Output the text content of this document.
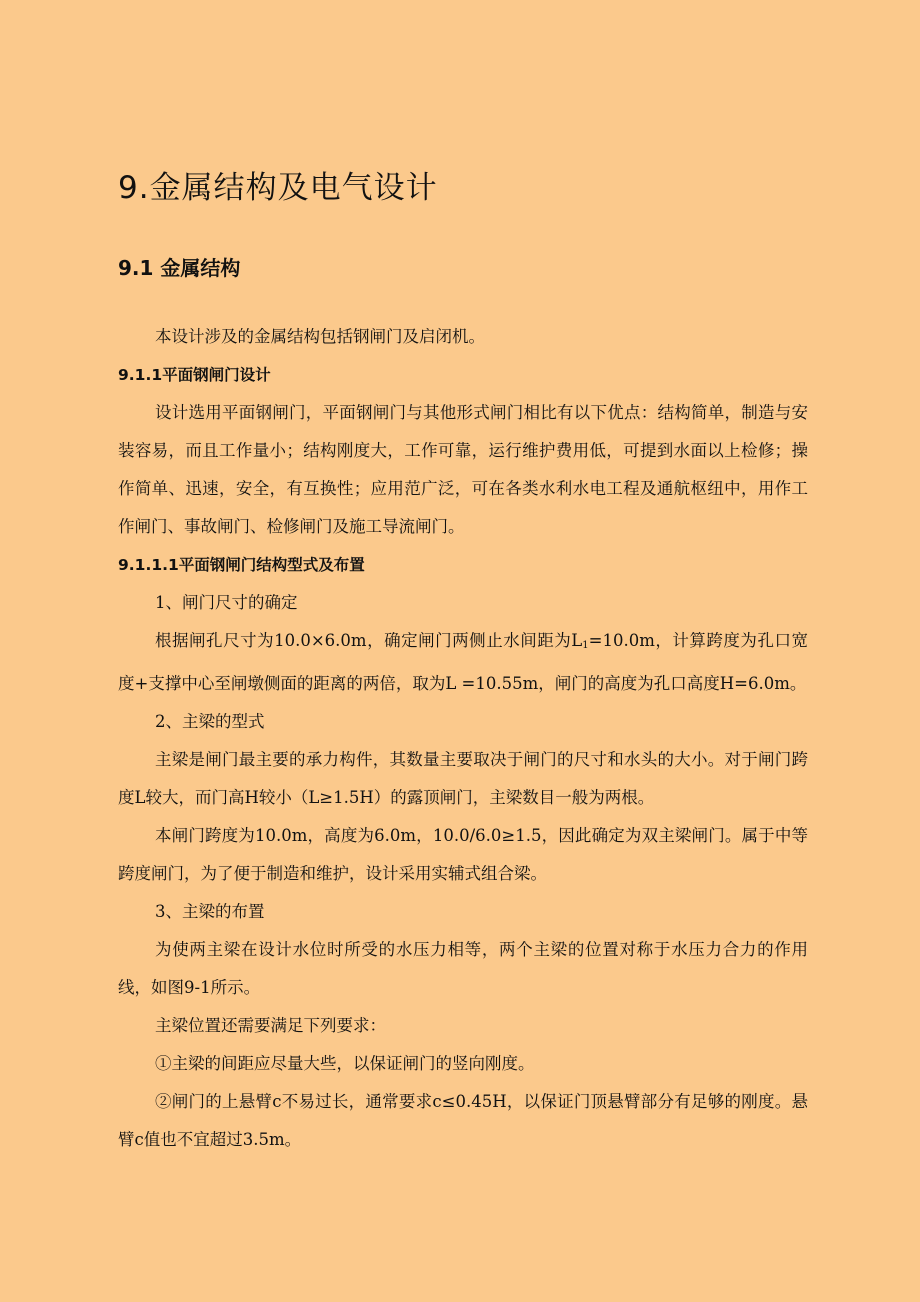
9.金属结构及电气设计
9.1 金属结构

本设计涉及的金属结构包括钢闸门及启闭机。

9.1.1平面钢闸门设计

设计选用平面钢闸门，平面钢闸门与其他形式闸门相比有以下优点：结构简单，制造与安装容易，而且工作量小；结构刚度大，工作可靠，运行维护费用低，可提到水面以上检修；操作简单、迅速，安全，有互换性；应用范广泛，可在各类水利水电工程及通航枢纽中，用作工作闸门、事故闸门、检修闸门及施工导流闸门。

9.1.1.1平面钢闸门结构型式及布置

1、闸门尺寸的确定

根据闸孔尺寸为10.0×6.0m，确定闸门两侧止水间距为$L_1=10.0m$，计算跨度为孔口宽度+支撑中心至闸墩侧面的距离的两倍，取为L =10.55m，闸门的高度为孔口高度H=6.0m。

2、主梁的型式

主梁是闸门最主要的承力构件，其数量主要取决于闸门的尺寸和水头的大小。对于闸门跨度L较大，而门高H较小（L≥1.5H）的露顶闸门，主梁数目一般为两根。

本闸门跨度为10.0m，高度为6.0m，10.0/6.0≥1.5，因此确定为双主梁闸门。属于中等跨度闸门，为了便于制造和维护，设计采用实辅式组合梁。

3、主梁的布置

为使两主梁在设计水位时所受的水压力相等，两个主梁的位置对称于水压力合力的作用线，如图9-1所示。

主梁位置还需要满足下列要求：

①主梁的间距应尽量大些，以保证闸门的竖向刚度。

②闸门的上悬臂c不易过长，通常要求c≤0.45H，以保证门顶悬臂部分有足够的刚度。悬臂c值也不宜超过3.5m。
